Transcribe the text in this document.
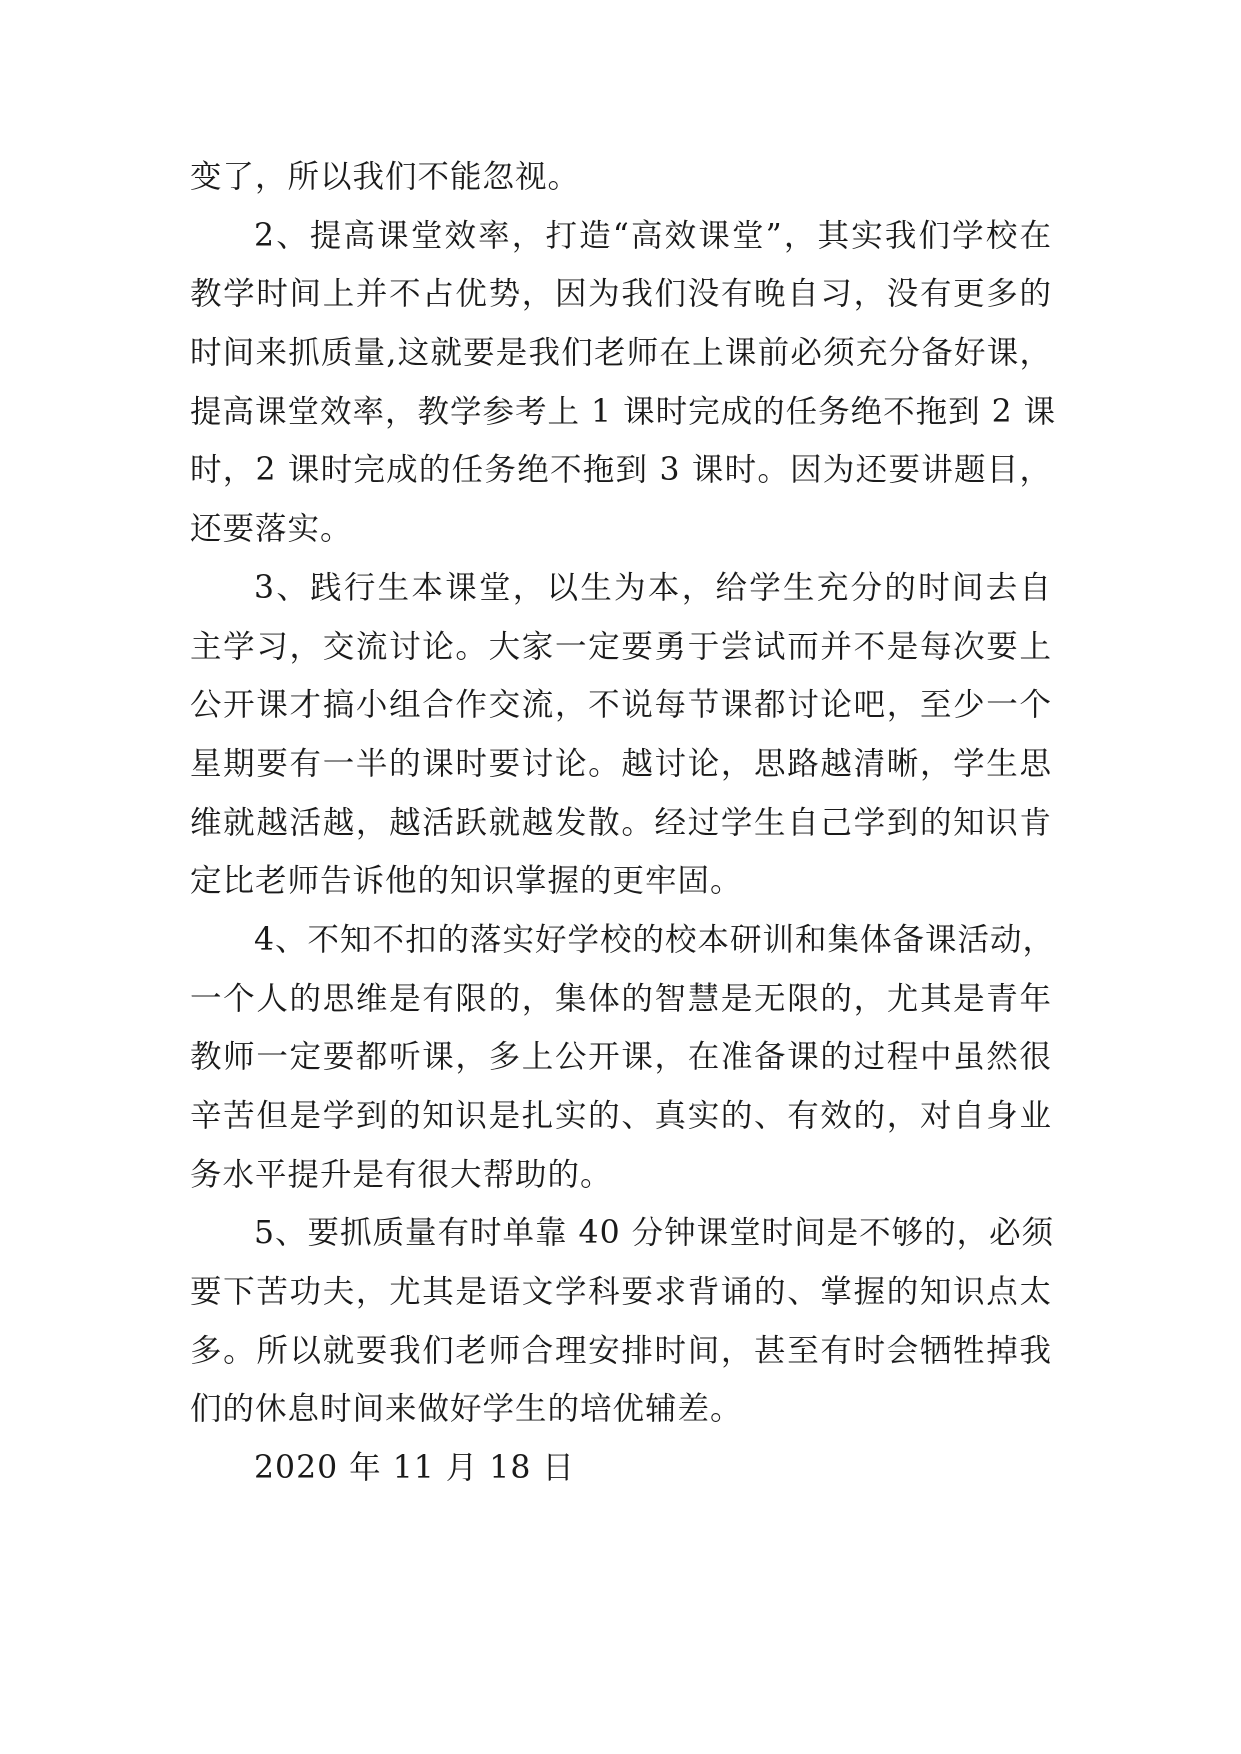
变了，所以我们不能忽视。
2、提高课堂效率，打造“高效课堂”，其实我们学校在
教学时间上并不占优势，因为我们没有晚自习，没有更多的
时间来抓质量,这就要是我们老师在上课前必须充分备好课，
提高课堂效率，教学参考上 1 课时完成的任务绝不拖到 2 课
时，2 课时完成的任务绝不拖到 3 课时。因为还要讲题目，
还要落实。
3、践行生本课堂，以生为本，给学生充分的时间去自
主学习，交流讨论。大家一定要勇于尝试而并不是每次要上
公开课才搞小组合作交流，不说每节课都讨论吧，至少一个
星期要有一半的课时要讨论。越讨论，思路越清晰，学生思
维就越活越，越活跃就越发散。经过学生自己学到的知识肯
定比老师告诉他的知识掌握的更牢固。
4、不知不扣的落实好学校的校本研训和集体备课活动，
一个人的思维是有限的，集体的智慧是无限的，尤其是青年
教师一定要都听课，多上公开课，在准备课的过程中虽然很
辛苦但是学到的知识是扎实的、真实的、有效的，对自身业
务水平提升是有很大帮助的。
5、要抓质量有时单靠 40 分钟课堂时间是不够的，必须
要下苦功夫，尤其是语文学科要求背诵的、掌握的知识点太
多。所以就要我们老师合理安排时间，甚至有时会牺牲掉我
们的休息时间来做好学生的培优辅差。
2020 年 11 月 18 日
